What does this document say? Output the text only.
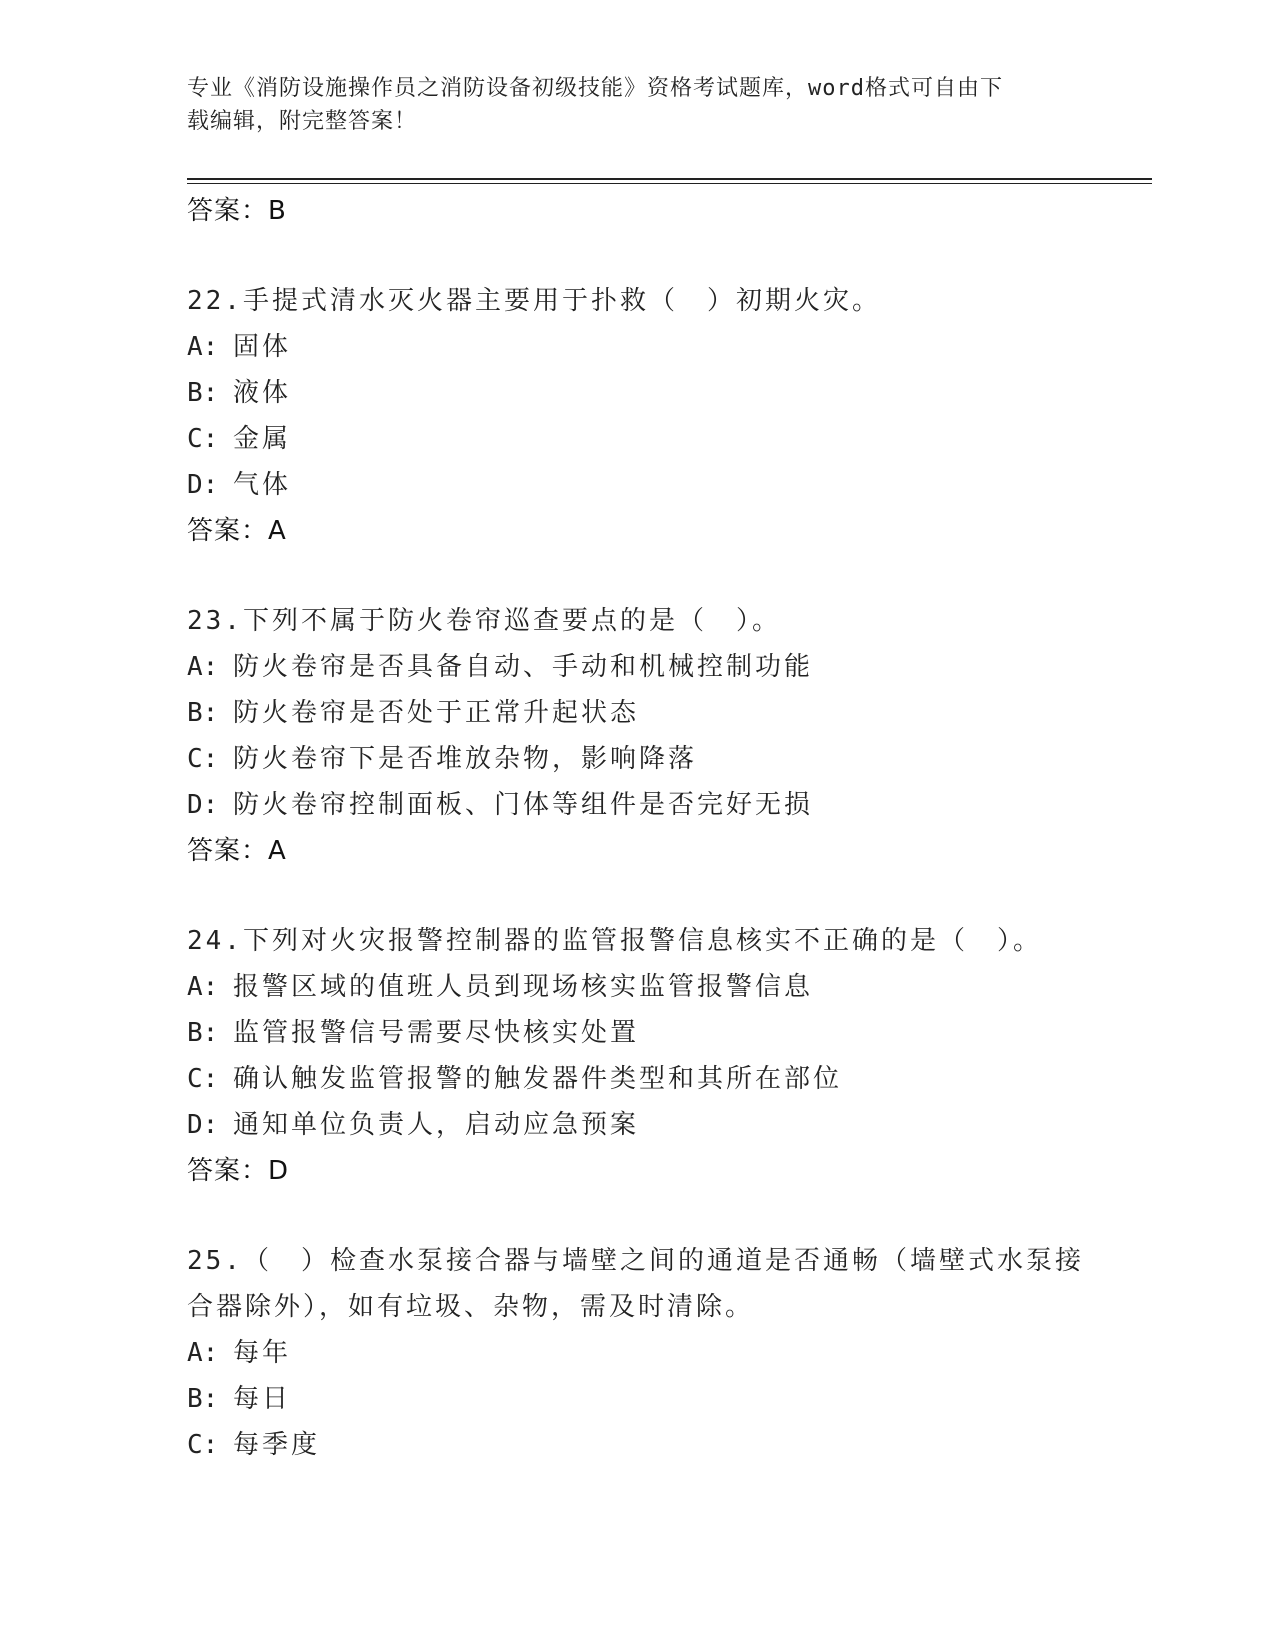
专业《消防设施操作员之消防设备初级技能》资格考试题库，word格式可自由下
载编辑，附完整答案！
答案：B
22.手提式清水灭火器主要用于扑救（　）初期火灾。
A: 固体
B: 液体
C: 金属
D: 气体
答案：A
23.下列不属于防火卷帘巡查要点的是（　）。
A: 防火卷帘是否具备自动、手动和机械控制功能
B: 防火卷帘是否处于正常升起状态
C: 防火卷帘下是否堆放杂物，影响降落
D: 防火卷帘控制面板、门体等组件是否完好无损
答案：A
24.下列对火灾报警控制器的监管报警信息核实不正确的是（　）。
A: 报警区域的值班人员到现场核实监管报警信息
B: 监管报警信号需要尽快核实处置
C: 确认触发监管报警的触发器件类型和其所在部位
D: 通知单位负责人，启动应急预案
答案：D
25.（　）检查水泵接合器与墙壁之间的通道是否通畅（墙壁式水泵接合器除外），如有垃圾、杂物，需及时清除。
A: 每年
B: 每日
C: 每季度
